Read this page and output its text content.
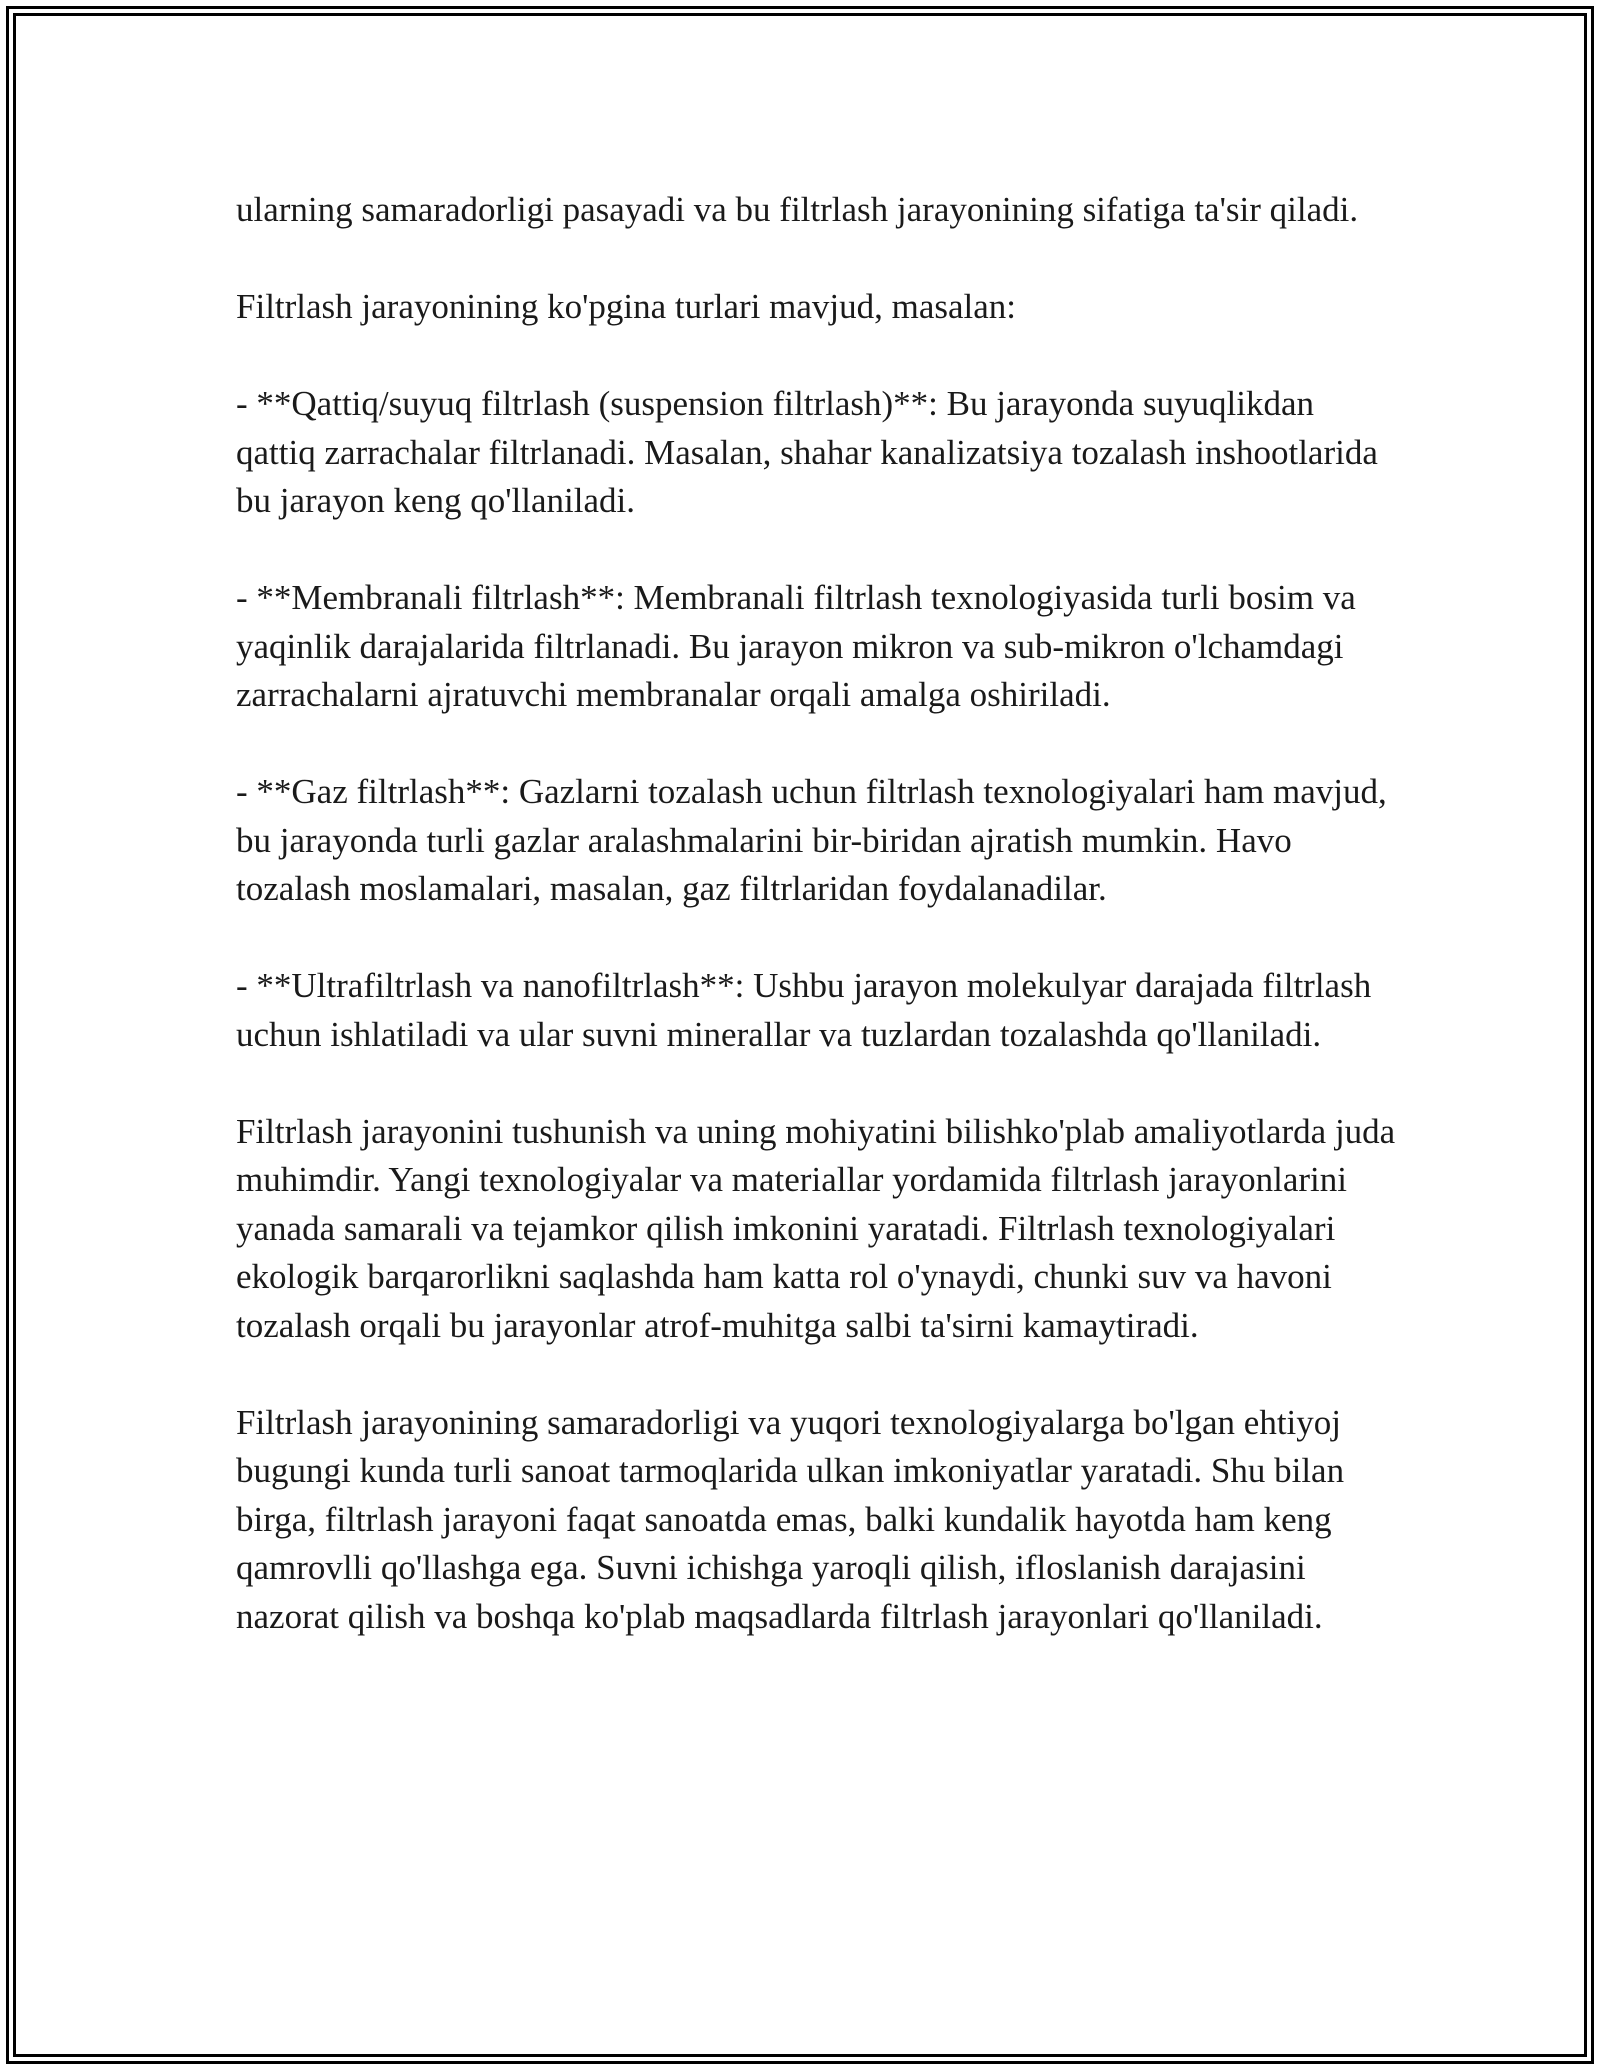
ularning samaradorligi pasayadi va bu filtrlash jarayonining sifatiga ta'sir qiladi.

Filtrlash jarayonining ko'pgina turlari mavjud, masalan:

- **Qattiq/suyuq filtrlash (suspension filtrlash)**: Bu jarayonda suyuqlikdan qattiq zarrachalar filtrlanadi. Masalan, shahar kanalizatsiya tozalash inshootlarida bu jarayon keng qo'llaniladi.

- **Membranali filtrlash**: Membranali filtrlash texnologiyasida turli bosim va yaqinlik darajalarida filtrlanadi. Bu jarayon mikron va sub-mikron o'lchamdagi zarrachalarni ajratuvchi membranalar orqali amalga oshiriladi.

- **Gaz filtrlash**: Gazlarni tozalash uchun filtrlash texnologiyalari ham mavjud, bu jarayonda turli gazlar aralashmalarini bir-biridan ajratish mumkin. Havo tozalash moslamalari, masalan, gaz filtrlaridan foydalanadilar.

- **Ultrafiltrlash va nanofiltrlash**: Ushbu jarayon molekulyar darajada filtrlash uchun ishlatiladi va ular suvni minerallar va tuzlardan tozalashda qo'llaniladi.

Filtrlash jarayonini tushunish va uning mohiyatini bilishko'plab amaliyotlarda juda muhimdir. Yangi texnologiyalar va materiallar yordamida filtrlash jarayonlarini yanada samarali va tejamkor qilish imkonini yaratadi. Filtrlash texnologiyalari ekologik barqarorlikni saqlashda ham katta rol o'ynaydi, chunki suv va havoni tozalash orqali bu jarayonlar atrof-muhitga salbi ta'sirni kamaytiradi.

Filtrlash jarayonining samaradorligi va yuqori texnologiyalarga bo'lgan ehtiyoj bugungi kunda turli sanoat tarmoqlarida ulkan imkoniyatlar yaratadi. Shu bilan birga, filtrlash jarayoni faqat sanoatda emas, balki kundalik hayotda ham keng qamrovlli qo'llashga ega. Suvni ichishga yaroqli qilish, ifloslanish darajasini nazorat qilish va boshqa ko'plab maqsadlarda filtrlash jarayonlari qo'llaniladi.
